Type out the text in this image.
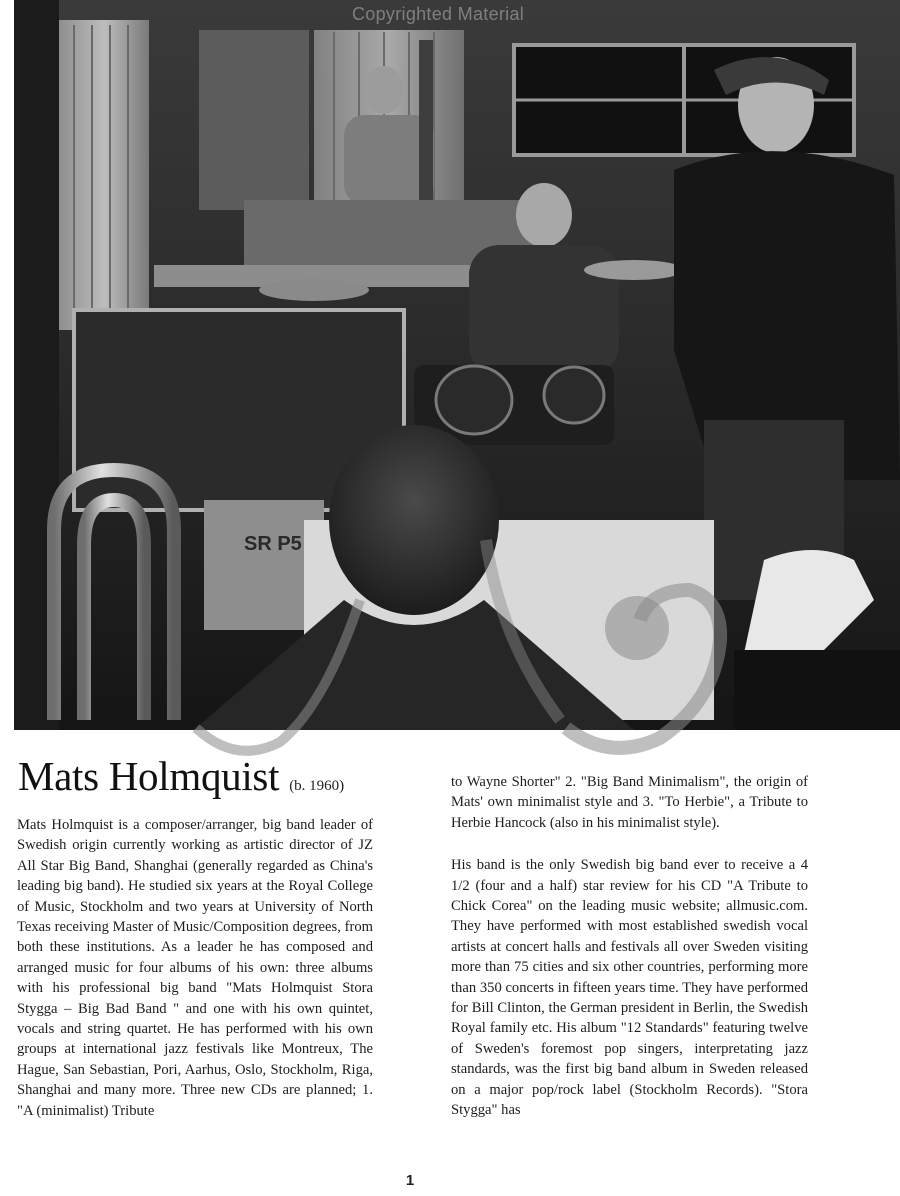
SR P5
Copyrighted Material
Mats Holmquist (b. 1960)

Mats Holmquist is a composer/arranger, big band leader of Swedish origin currently working as artistic director of JZ All Star Big Band, Shanghai (generally regarded as China's leading big band). He studied six years at the Royal College of Music, Stockholm and two years at University of North Texas receiving Master of Music/Composition degrees, from both these institutions. As a leader he has composed and arranged music for four albums of his own: three albums with his professional big band "Mats Holmquist Stora Stygga – Big Bad Band " and one with his own quintet, vocals and string quartet. He has performed with his own groups at international jazz festivals like Montreux, The Hague, San Sebastian, Pori, Aarhus, Oslo, Stockholm, Riga, Shanghai and many more. Three new CDs are planned; 1. "A (minimalist) Tribute

to Wayne Shorter" 2. "Big Band Minimalism", the origin of Mats' own minimalist style and 3. "To Herbie", a Tribute to Herbie Hancock (also in his minimalist style).

His band is the only Swedish big band ever to receive a 4 1/2 (four and a half) star review for his CD "A Tribute to Chick Corea" on the leading music website; allmusic.com. They have performed with most established swedish vocal artists at concert halls and festivals all over Sweden visiting more than 75 cities and six other countries, performing more than 350 concerts in fifteen years time. They have performed for Bill Clinton, the German president in Berlin, the Swedish Royal family etc. His album "12 Standards" featuring twelve of Sweden's foremost pop singers, interpretating jazz standards, was the first big band album in Sweden released on a major pop/rock label (Stockholm Records). "Stora Stygga" has

1
